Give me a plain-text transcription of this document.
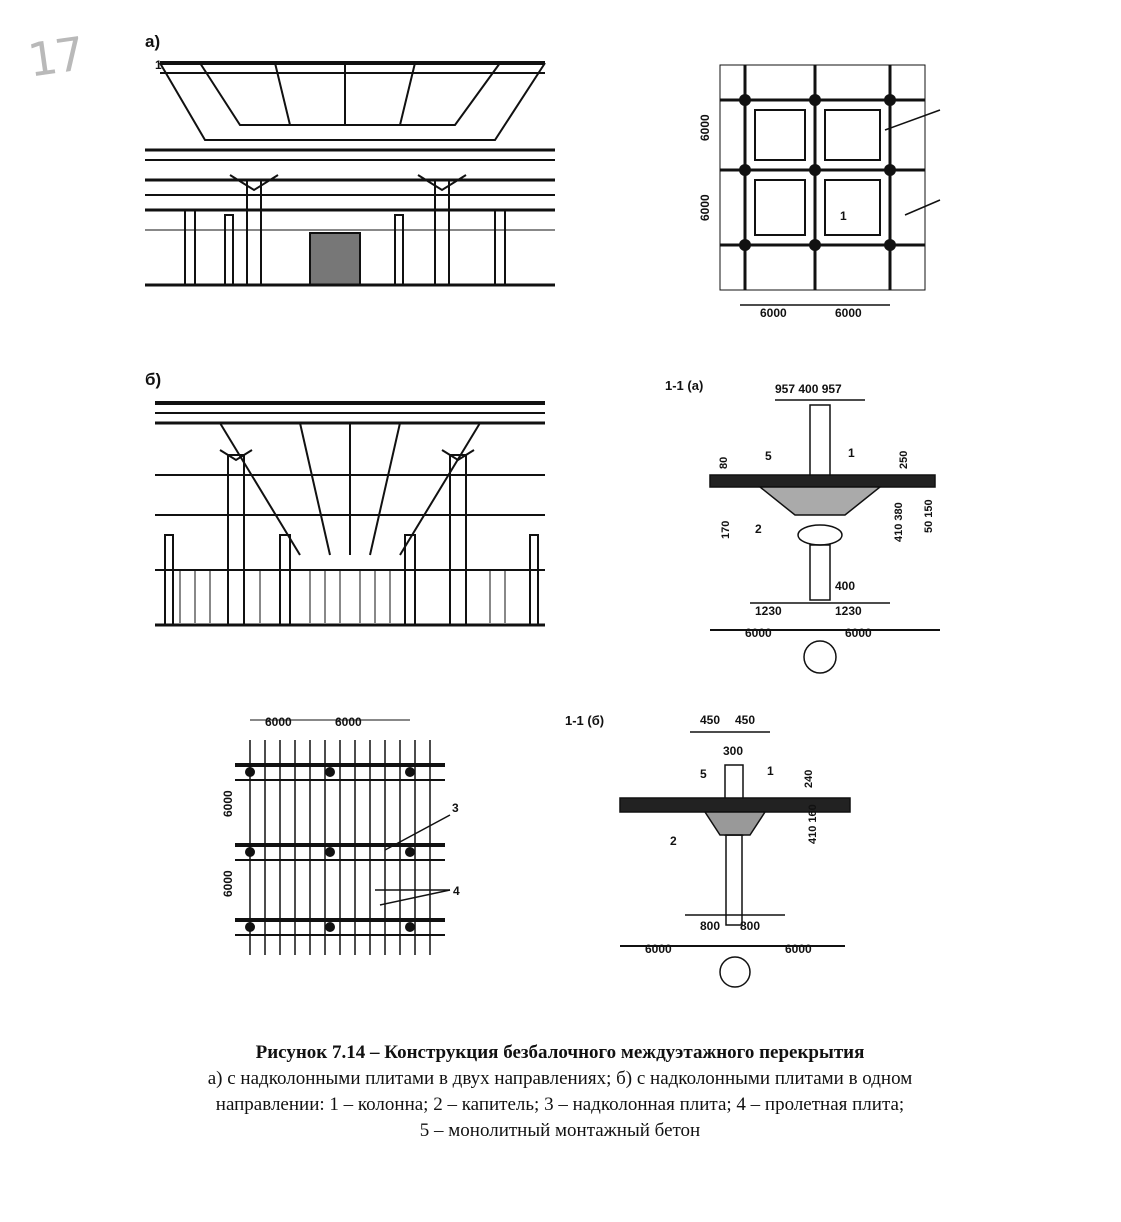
17	а)
б)
1
6000
6000
6000	6000
1
1-1 (а)	957 400 957
80	250
170	410 380 50 150
5	1
2
400
1230	1230
6000	6000
6000	6000
6000
6000
3
4
1-1 (б)	450 450
300
240
410 160
5	1
2
800 800
6000	6000
Рисунок 7.14 – Конструкция безбалочного междуэтажного перекрытия
а) с надколонными плитами в двух направлениях; б) с надколонными плитами в одном
направлении: 1 – колонна; 2 – капитель; 3 – надколонная плита; 4 – пролетная плита;
5 – монолитный монтажный бетон
